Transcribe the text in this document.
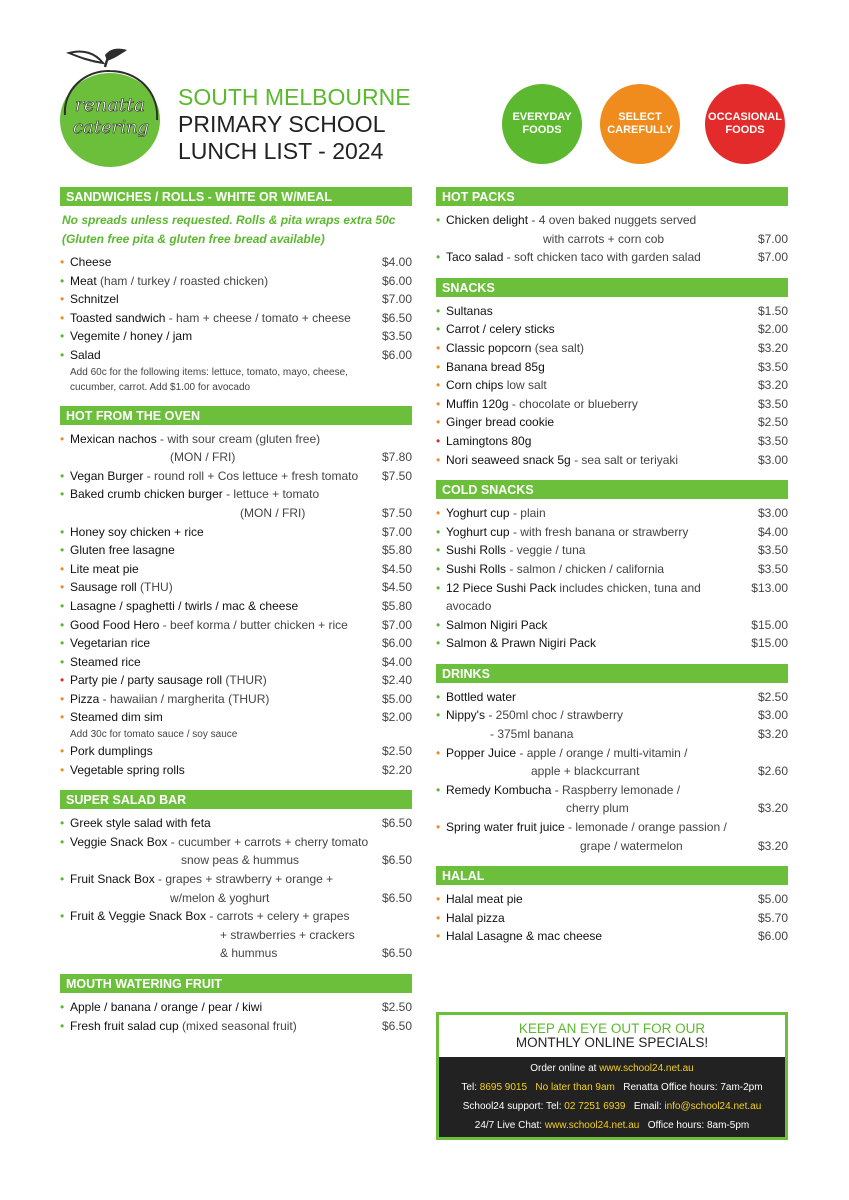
renatta
catering
SOUTH MELBOURNE
PRIMARY SCHOOL
LUNCH LIST - 2024
EVERYDAY
FOODS
SELECT
CAREFULLY
OCCASIONAL
FOODS
SANDWICHES / ROLLS - WHITE OR W/MEAL
No spreads unless requested. Rolls & pita wraps extra 50c
(Gluten free pita & gluten free bread available)
• Cheese	$4.00
• Meat (ham / turkey / roasted chicken)	$6.00
• Schnitzel	$7.00
• Toasted sandwich - ham + cheese / tomato + cheese	$6.50
• Vegemite / honey / jam	$3.50
• Salad	$6.00
Add 60c for the following items: lettuce, tomato, mayo, cheese,
cucumber, carrot. Add $1.00 for avocado
HOT FROM THE OVEN
• Mexican nachos - with sour cream (gluten free)
(MON / FRI)	$7.80
• Vegan Burger - round roll + Cos lettuce + fresh tomato	$7.50
• Baked crumb chicken burger - lettuce + tomato
(MON / FRI)	$7.50
• Honey soy chicken + rice	$7.00
• Gluten free lasagne	$5.80
• Lite meat pie	$4.50
• Sausage roll (THU)	$4.50
• Lasagne / spaghetti / twirls / mac & cheese	$5.80
• Good Food Hero - beef korma / butter chicken + rice	$7.00
• Vegetarian rice	$6.00
• Steamed rice	$4.00
• Party pie / party sausage roll (THUR)	$2.40
• Pizza - hawaiian / margherita (THUR)	$5.00
• Steamed dim sim	$2.00
Add 30c for tomato sauce / soy sauce
• Pork dumplings	$2.50
• Vegetable spring rolls	$2.20
SUPER SALAD BAR
• Greek style salad with feta	$6.50
• Veggie Snack Box - cucumber + carrots + cherry tomato
snow peas & hummus	$6.50
• Fruit Snack Box - grapes + strawberry + orange +
w/melon & yoghurt	$6.50
• Fruit & Veggie Snack Box - carrots + celery + grapes
+ strawberries + crackers
& hummus	$6.50
MOUTH WATERING FRUIT
• Apple / banana / orange / pear / kiwi	$2.50
• Fresh fruit salad cup (mixed seasonal fruit)	$6.50
HOT PACKS
• Chicken delight - 4 oven baked nuggets served
with carrots + corn cob	$7.00
• Taco salad - soft chicken taco with garden salad	$7.00
SNACKS
• Sultanas	$1.50
• Carrot / celery sticks	$2.00
• Classic popcorn (sea salt)	$3.20
• Banana bread 85g	$3.50
• Corn chips low salt	$3.20
• Muffin 120g - chocolate or blueberry	$3.50
• Ginger bread cookie	$2.50
• Lamingtons 80g	$3.50
• Nori seaweed snack 5g - sea salt or teriyaki	$3.00
COLD SNACKS
• Yoghurt cup - plain	$3.00
• Yoghurt cup - with fresh banana or strawberry	$4.00
• Sushi Rolls - veggie / tuna	$3.50
• Sushi Rolls - salmon / chicken / california	$3.50
• 12 Piece Sushi Pack includes chicken, tuna and avocado
$13.00
• Salmon Nigiri Pack	$15.00
• Salmon & Prawn Nigiri Pack	$15.00
DRINKS
• Bottled water	$2.50
• Nippy's - 250ml choc / strawberry	$3.00
- 375ml banana	$3.20
• Popper Juice - apple / orange / multi-vitamin /
apple + blackcurrant	$2.60
• Remedy Kombucha - Raspberry lemonade /
cherry plum	$3.20
• Spring water fruit juice - lemonade / orange passion /
grape / watermelon	$3.20
HALAL
• Halal meat pie	$5.00
• Halal pizza	$5.70
• Halal Lasagne & mac cheese	$6.00
KEEP AN EYE OUT FOR OUR
MONTHLY ONLINE SPECIALS!
Order online at www.school24.net.au
Tel: 8695 9015 No later than 9am Renatta Office hours: 7am-2pm
School24 support: Tel: 02 7251 6939 Email: info@school24.net.au
24/7 Live Chat: www.school24.net.au Office hours: 8am-5pm
